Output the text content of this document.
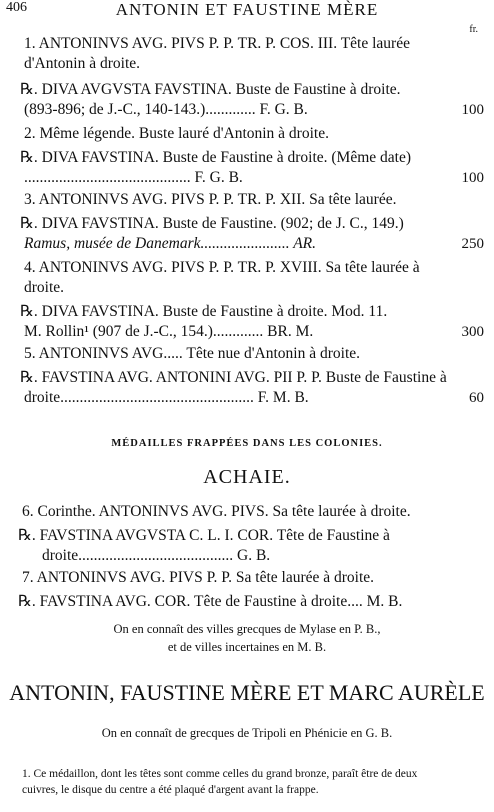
406	ANTONIN ET FAUSTINE MÈRE
fr.
1. ANTONINVS AVG. PIVS P. P. TR. P. COS. III. Tête laurée
d'Antonin à droite.
℞. DIVA AVGVSTA FAVSTINA. Buste de Faustine à droite.
(893-896; de J.-C., 140-143.)............. F. G. B.	100
2. Même légende. Buste lauré d'Antonin à droite.
℞. DIVA FAVSTINA. Buste de Faustine à droite. (Même date)
........................................... F. G. B.	100
3. ANTONINVS AVG. PIVS P. P. TR. P. XII. Sa tête laurée.
℞. DIVA FAVSTINA. Buste de Faustine. (902; de J. C., 149.)
Ramus, musée de Danemark....................... AR.	250
4. ANTONINVS AVG. PIVS P. P. TR. P. XVIII. Sa tête laurée à
droite.
℞. DIVA FAVSTINA. Buste de Faustine à droite. Mod. 11.
M. Rollin¹ (907 de J.-C., 154.)............. BR. M.	300
5. ANTONINVS AVG..... Tête nue d'Antonin à droite.
℞. FAVSTINA AVG. ANTONINI AVG. PII P. P. Buste de Faustine à
droite.................................................. F. M. B.	60
MÉDAILLES FRAPPÉES DANS LES COLONIES.
ACHAIE.
6. Corinthe. ANTONINVS AVG. PIVS. Sa tête laurée à droite.
℞. FAVSTINA AVGVSTA C. L. I. COR. Tête de Faustine à
droite........................................ G. B.
7. ANTONINVS AVG. PIVS P. P. Sa tête laurée à droite.
℞. FAVSTINA AVG. COR. Tête de Faustine à droite.... M. B.
On en connaît des villes grecques de Mylase en P. B.,
et de villes incertaines en M. B.
ANTONIN, FAUSTINE MÈRE ET MARC AURÈLE
On en connaît de grecques de Tripoli en Phénicie en G. B.
1. Ce médaillon, dont les têtes sont comme celles du grand bronze, paraît être de deux
cuivres, le disque du centre a été plaqué d'argent avant la frappe.
